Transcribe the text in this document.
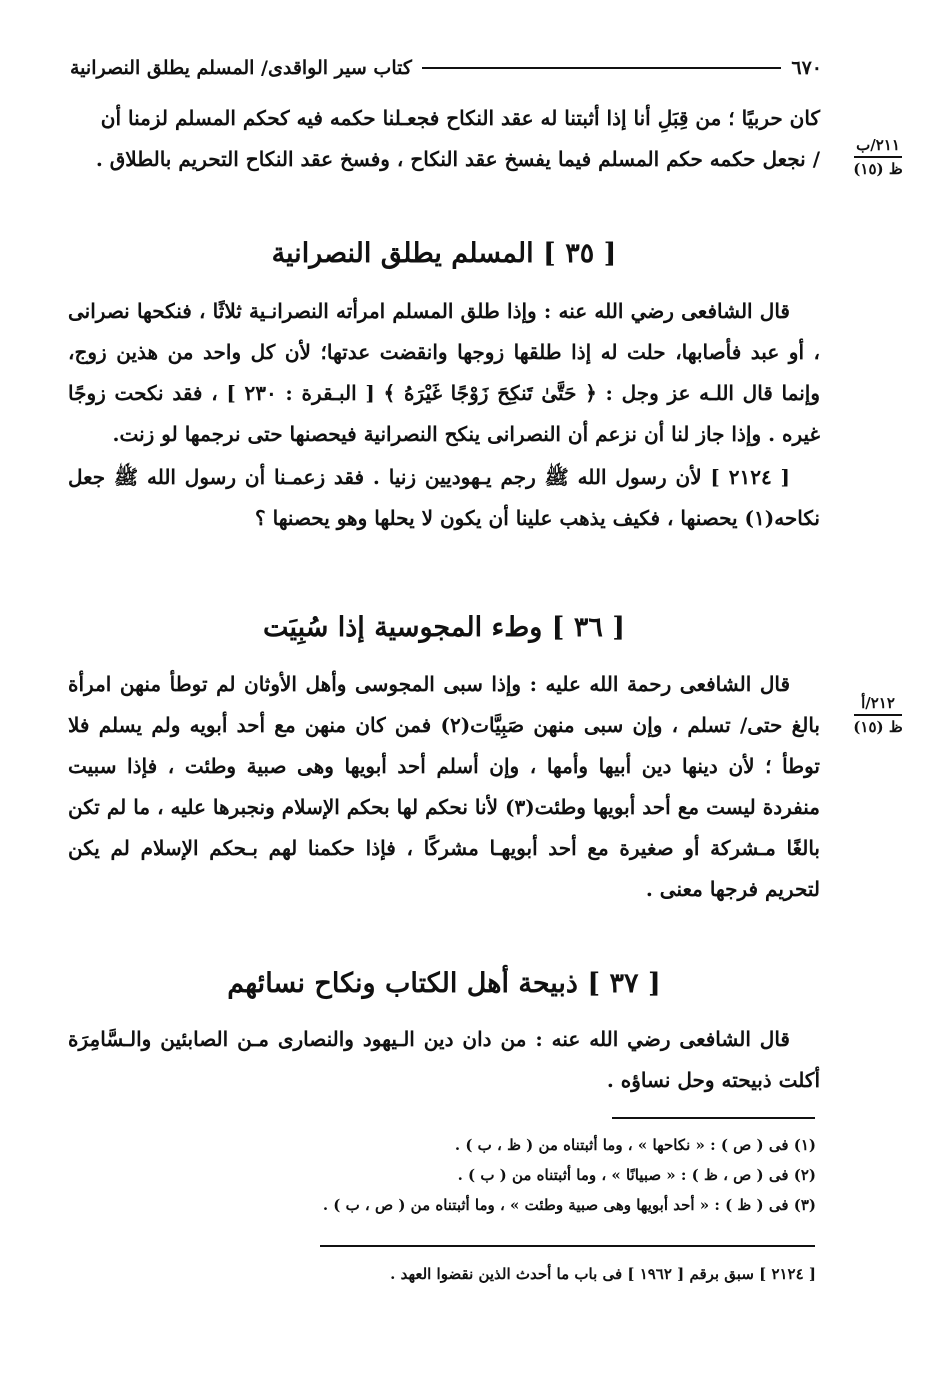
٦٧٠
كتاب سير الواقدى/ المسلم يطلق النصرانية
٢١١/ب
ظ (١٥)

كان حربيًا ؛ من قِبَلِ أنا إذا أثبتنا له عقد النكاح فجعـلنا حكمه فيه كحكم المسلم لزمنا أن

/ نجعل حكمه حكم المسلم فيما يفسخ عقد النكاح ، وفسخ عقد النكاح التحريم بالطلاق .

[ ٣٥ ] المسلم يطلق النصرانية

قال الشافعى رضي الله عنه : وإذا طلق المسلم امرأته النصرانـية ثلاثًا ، فنكحها نصرانى ، أو عبد فأصابها، حلت له إذا طلقها زوجها وانقضت عدتها؛ لأن كل واحد من هذين زوج، وإنما قال اللـه عز وجل : ﴿ حَتَّىٰ تَنكِحَ زَوْجًا غَيْرَهُ ﴾ [ البـقرة : ٢٣٠ ] ، فقد نكحت زوجًا غيره . وإذا جاز لنا أن نزعم أن النصرانى ينكح النصرانية فيحصنها حتى نرجمها لو زنت.

[ ٢١٢٤ ] لأن رسول الله ﷺ رجم يـهوديين زنيا . فقد زعمـنا أن رسول الله ﷺ جعل نكاحه(١) يحصنها ، فكيف يذهب علينا أن يكون لا يحلها وهو يحصنها ؟

[ ٣٦ ] وطء المجوسية إذا سُبِيَت
٢١٢/أ
ظ (١٥)

قال الشافعى رحمة الله عليه : وإذا سبى المجوسى وأهل الأوثان لم توطأ منهن امرأة بالغ حتى/ تسلم ، وإن سبى منهن صَبِيَّات(٢) فمن كان منهن مع أحد أبويه ولم يسلم فلا توطأ ؛ لأن دينها دين أبيها وأمها ، وإن أسلم أحد أبويها وهى صبية وطئت ، فإذا سبيت منفردة ليست مع أحد أبويها وطئت(٣) لأنا نحكم لها بحكم الإسلام ونجبرها عليه ، ما لم تكن بالغًا مـشركة أو صغيرة مع أحد أبويهـا مشركًا ، فإذا حكمنا لهم بـحكم الإسلام لم يكن لتحريم فرجها معنى .

[ ٣٧ ] ذبيحة أهل الكتاب ونكاح نسائهم

قال الشافعى رضي الله عنه : من دان دين الـيهود والنصارى مـن الصابئين والـسَّامِرَة أكلت ذبيحته وحل نساؤه .

(١) فى ( ص ) : « نكاحها » ، وما أثبتناه من ( ظ ، ب ) .
(٢) فى ( ص ، ظ ) : « صبيانًا » ، وما أثبتناه من ( ب ) .
(٣) فى ( ظ ) : « أحد أبويها وهى صبية وطئت » ، وما أثبتناه من ( ص ، ب ) .
[ ٢١٢٤ ] سبق برقم [ ١٩٦٢ ] فى باب ما أحدث الذين نقضوا العهد .
